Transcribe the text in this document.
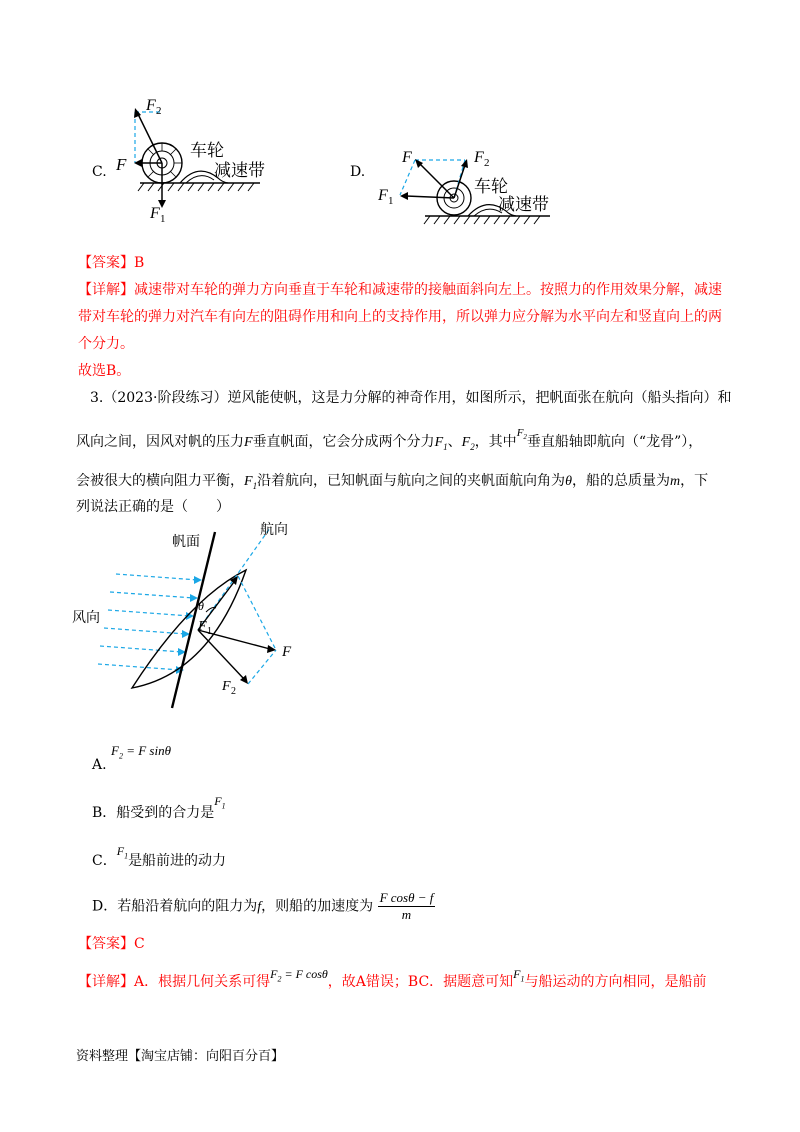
C.
F 2
F
F 1
车轮
减速带	D.
F	F 2
F 1
车轮
减速带
【答案】B
【详解】减速带对车轮的弹力方向垂直于车轮和减速带的接触面斜向左上。按照力的作用效果分解，减速
带对车轮的弹力对汽车有向左的阻碍作用和向上的支持作用，所以弹力应分解为水平向左和竖直向上的两
个分力。
故选B。
3.（2023·阶段练习）逆风能使帆，这是力分解的神奇作用，如图所示，把帆面张在航向（船头指向）和
风向之间，因风对帆的压力F垂直帆面，它会分成两个分力$F_1$、$F_2$，其中$^{F_2}$垂直船轴即航向（“龙骨”），
会被很大的横向阻力平衡，$F_1$沿着航向，已知帆面与航向之间的夹帆面航向角为θ，船的总质量为m，下
列说法正确的是（　　）
帆面
航向
风向
θ
F
F 1
F 2
A. $F_2 = F$ sinθ
B．船受到的合力是$F_1$
C．$F_1$是船前进的动力
D．若船沿着航向的阻力为f，则船的加速度为 $\frac{\text{F cosθ − f}}{m}$
【答案】C
【详解】A．根据几何关系可得$F_2 = F$ cosθ，故A错误；BC．据题意可知$F_1$与船运动的方向相同，是船前
资料整理【淘宝店铺：向阳百分百】
